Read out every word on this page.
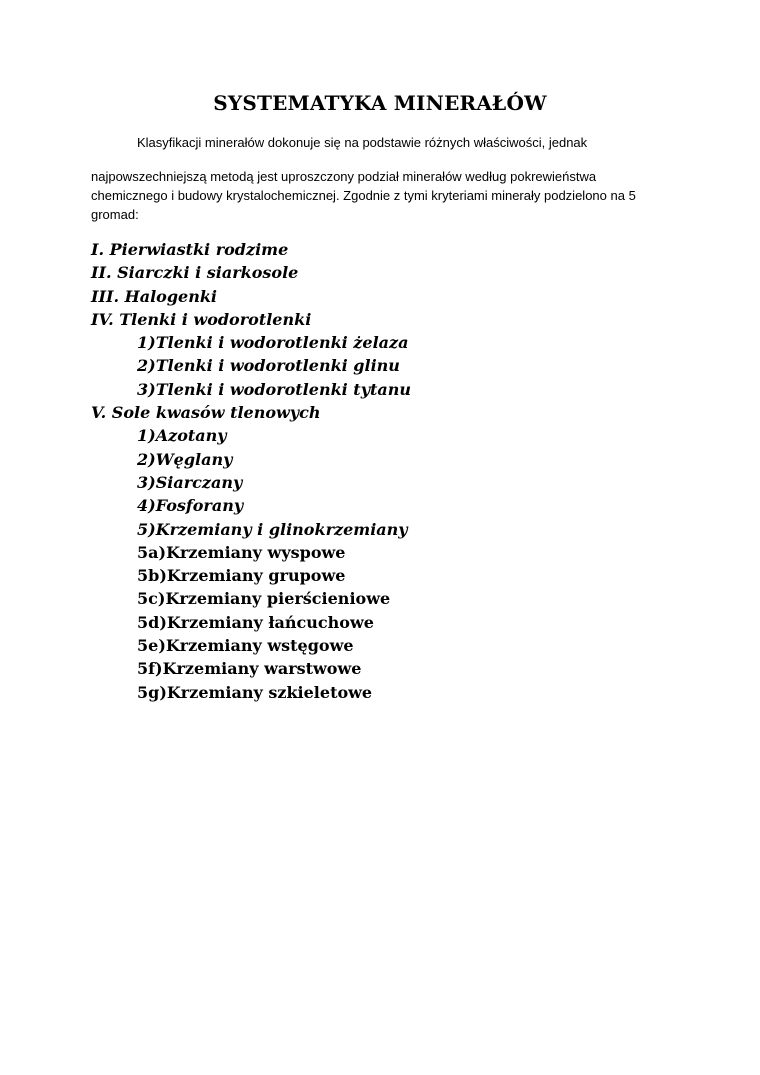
SYSTEMATYKA MINERAŁÓW
Klasyfikacji minerałów dokonuje się na podstawie różnych właściwości, jednak
najpowszechniejszą metodą jest uproszczony podział minerałów według pokrewieństwa
chemicznego i budowy krystalochemicznej. Zgodnie z tymi kryteriami minerały podzielono na 5
gromad:
I. Pierwiastki rodzime
II. Siarczki i siarkosole
III. Halogenki
IV. Tlenki i wodorotlenki
1)Tlenki i wodorotlenki żelaza
2)Tlenki i wodorotlenki glinu
3)Tlenki i wodorotlenki tytanu
V. Sole kwasów tlenowych
1)Azotany
2)Węglany
3)Siarczany
4)Fosforany
5)Krzemiany i glinokrzemiany
5a)Krzemiany wyspowe
5b)Krzemiany grupowe
5c)Krzemiany pierścieniowe
5d)Krzemiany łańcuchowe
5e)Krzemiany wstęgowe
5f)Krzemiany warstwowe
5g)Krzemiany szkieletowe
